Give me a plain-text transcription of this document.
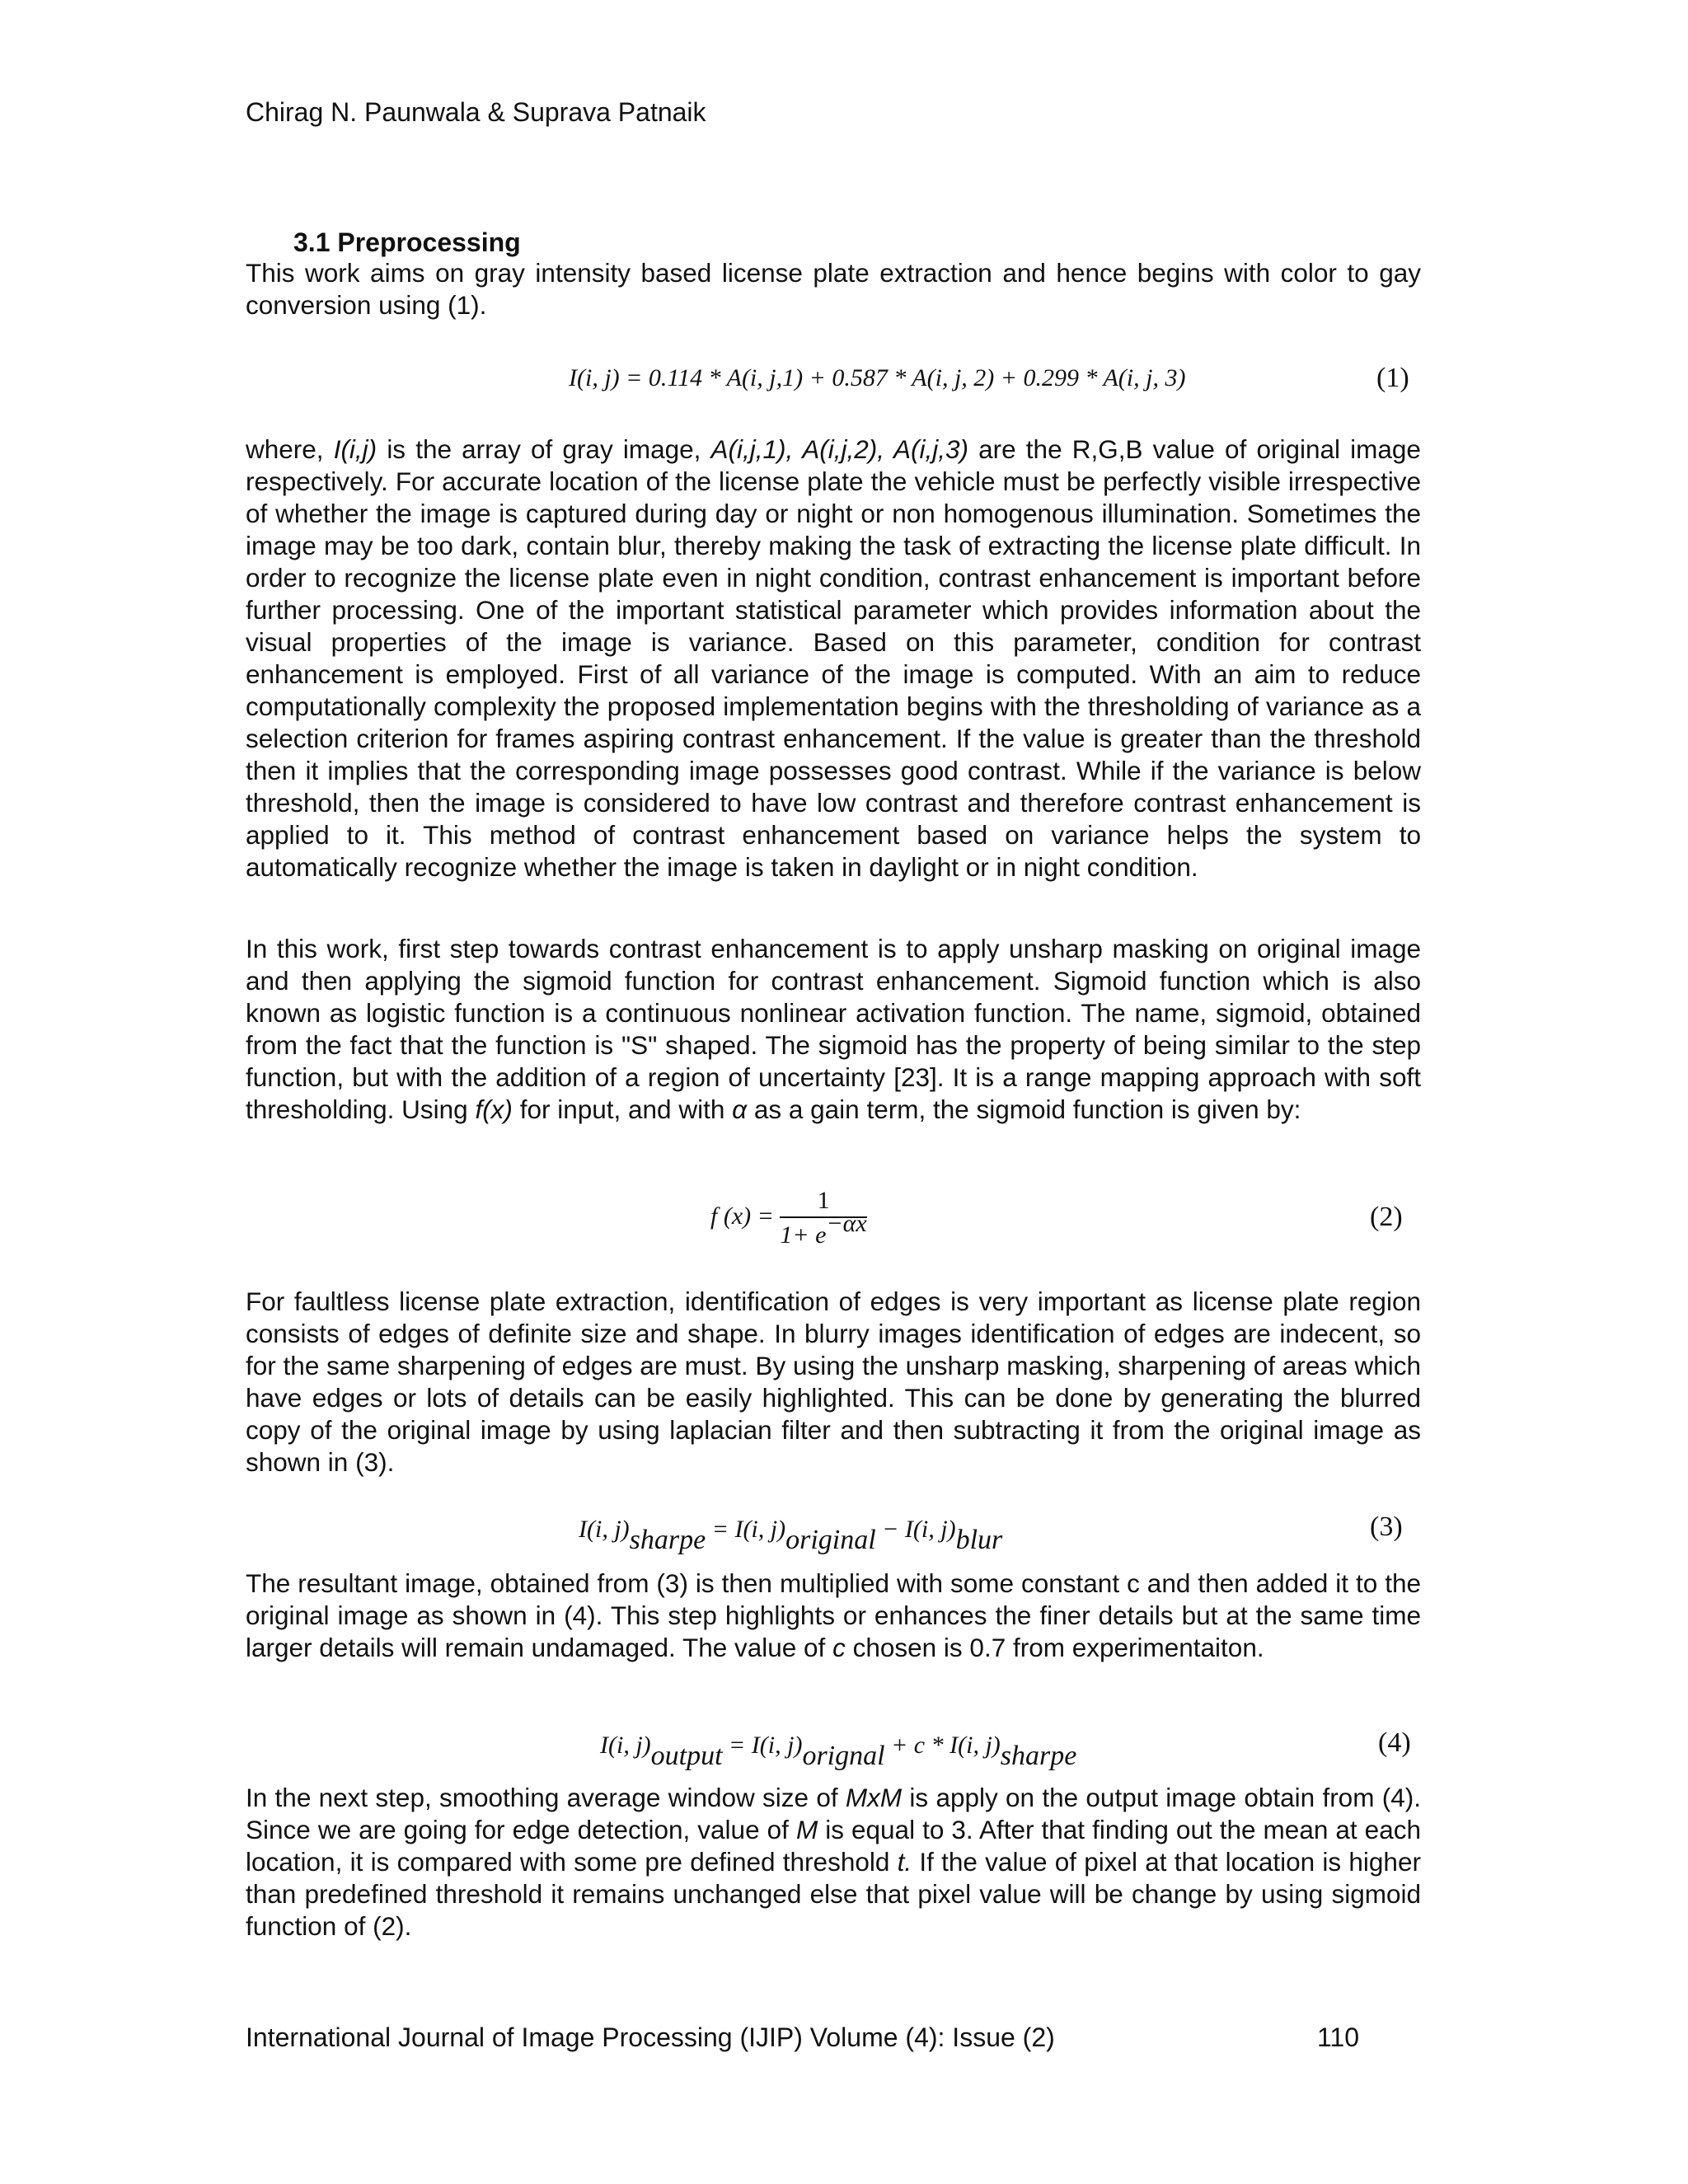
Chirag N. Paunwala & Suprava Patnaik
3.1 Preprocessing

This work aims on gray intensity based license plate extraction and hence begins with color to gay conversion using (1).

I(i, j) = 0.114 * A(i, j,1) + 0.587 * A(i, j, 2) + 0.299 * A(i, j, 3)	(1)

where, I(i,j) is the array of gray image, A(i,j,1), A(i,j,2), A(i,j,3) are the R,G,B value of original image respectively. For accurate location of the license plate the vehicle must be perfectly visible irrespective of whether the image is captured during day or night or non homogenous illumination. Sometimes the image may be too dark, contain blur, thereby making the task of extracting the license plate difficult. In order to recognize the license plate even in night condition, contrast enhancement is important before further processing. One of the important statistical parameter which provides information about the visual properties of the image is variance. Based on this parameter, condition for contrast enhancement is employed. First of all variance of the image is computed. With an aim to reduce computationally complexity the proposed implementation begins with the thresholding of variance as a selection criterion for frames aspiring contrast enhancement. If the value is greater than the threshold then it implies that the corresponding image possesses good contrast. While if the variance is below threshold, then the image is considered to have low contrast and therefore contrast enhancement is applied to it. This method of contrast enhancement based on variance helps the system to automatically recognize whether the image is taken in daylight or in night condition.

In this work, first step towards contrast enhancement is to apply unsharp masking on original image and then applying the sigmoid function for contrast enhancement. Sigmoid function which is also known as logistic function is a continuous nonlinear activation function. The name, sigmoid, obtained from the fact that the function is "S" shaped. The sigmoid has the property of being similar to the step function, but with the addition of a region of uncertainty [23]. It is a range mapping approach with soft thresholding. Using f(x) for input, and with α as a gain term, the sigmoid function is given by:

f $(x) = \frac{1}{1+ e-\alpha x}$	(2)

For faultless license plate extraction, identification of edges is very important as license plate region consists of edges of definite size and shape. In blurry images identification of edges are indecent, so for the same sharpening of edges are must. By using the unsharp masking, sharpening of areas which have edges or lots of details can be easily highlighted. This can be done by generating the blurred copy of the original image by using laplacian filter and then subtracting it from the original image as shown in (3).

I(i, j)sharpe = I(i, j)original − I(i, j)blur	(3)

The resultant image, obtained from (3) is then multiplied with some constant c and then added it to the original image as shown in (4). This step highlights or enhances the finer details but at the same time larger details will remain undamaged. The value of c chosen is 0.7 from experimentaiton.

I(i, j)output = I(i, j)orignal + c * I(i, j)sharpe	(4)

In the next step, smoothing average window size of MxM is apply on the output image obtain from (4). Since we are going for edge detection, value of M is equal to 3. After that finding out the mean at each location, it is compared with some pre defined threshold t. If the value of pixel at that location is higher than predefined threshold it remains unchanged else that pixel value will be change by using sigmoid function of (2).

International Journal of Image Processing (IJIP) Volume (4): Issue (2)	110
